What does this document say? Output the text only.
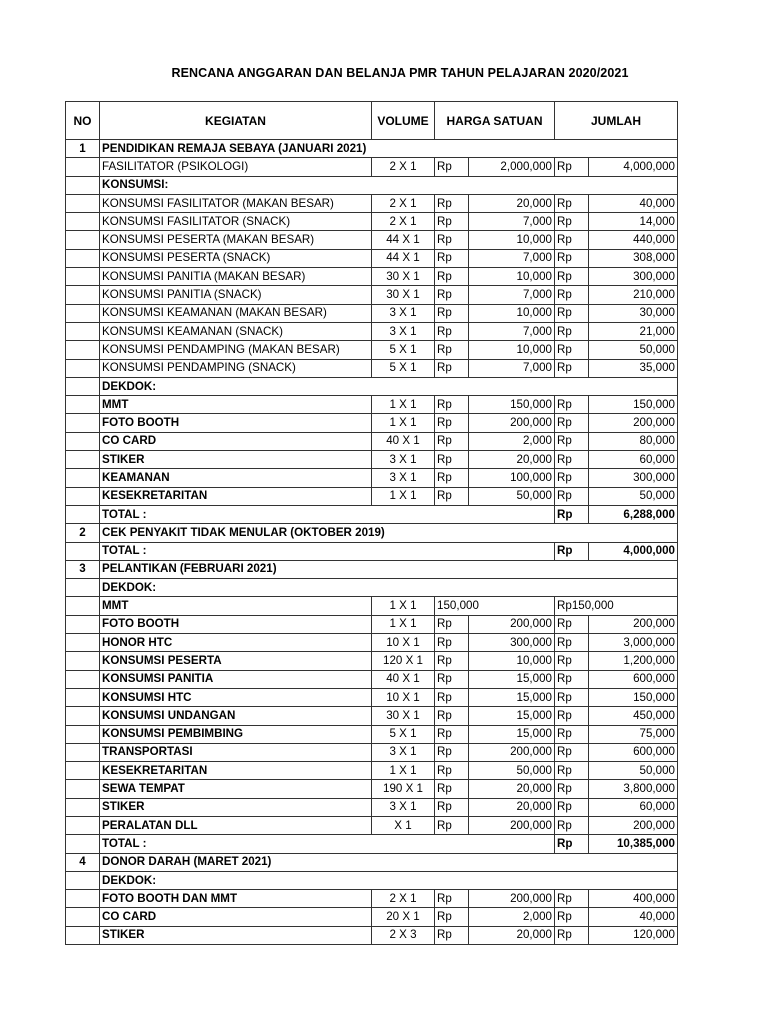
RENCANA ANGGARAN DAN BELANJA PMR TAHUN PELAJARAN 2020/2021
NO	KEGIATAN	VOLUME	HARGA SATUAN		JUMLAH	
1	PENDIDIKAN REMAJA SEBAYA (JANUARI 2021)					
	FASILITATOR (PSIKOLOGI)	2 X 1	Rp	2,000,000	Rp	4,000,000
	KONSUMSI:					
	KONSUMSI FASILITATOR (MAKAN BESAR)	2 X 1	Rp	20,000	Rp	40,000
	KONSUMSI FASILITATOR (SNACK)	2 X 1	Rp	7,000	Rp	14,000
	KONSUMSI PESERTA (MAKAN BESAR)	44 X 1	Rp	10,000	Rp	440,000
	KONSUMSI PESERTA (SNACK)	44 X 1	Rp	7,000	Rp	308,000
	KONSUMSI PANITIA (MAKAN BESAR)	30 X 1	Rp	10,000	Rp	300,000
	KONSUMSI PANITIA (SNACK)	30 X 1	Rp	7,000	Rp	210,000
	KONSUMSI KEAMANAN (MAKAN BESAR)	3 X 1	Rp	10,000	Rp	30,000
	KONSUMSI KEAMANAN (SNACK)	3 X 1	Rp	7,000	Rp	21,000
	KONSUMSI PENDAMPING (MAKAN BESAR)	5 X 1	Rp	10,000	Rp	50,000
	KONSUMSI PENDAMPING (SNACK)	5 X 1	Rp	7,000	Rp	35,000
	DEKDOK:					
	MMT	1 X 1	Rp	150,000	Rp	150,000
	FOTO BOOTH	1 X 1	Rp	200,000	Rp	200,000
	CO CARD	40 X 1	Rp	2,000	Rp	80,000
	STIKER	3 X 1	Rp	20,000	Rp	60,000
	KEAMANAN	3 X 1	Rp	100,000	Rp	300,000
	KESEKRETARITAN	1 X 1	Rp	50,000	Rp	50,000
	TOTAL :				Rp	6,288,000
2	CEK PENYAKIT TIDAK MENULAR (OKTOBER 2019)					
	TOTAL :				Rp	4,000,000
3	PELANTIKAN (FEBRUARI 2021)					
	DEKDOK:					
	MMT	1 X 1	150,000		Rp150,000	
	FOTO BOOTH	1 X 1	Rp	200,000	Rp	200,000
	HONOR HTC	10 X 1	Rp	300,000	Rp	3,000,000
	KONSUMSI PESERTA	120 X 1	Rp	10,000	Rp	1,200,000
	KONSUMSI PANITIA	40 X 1	Rp	15,000	Rp	600,000
	KONSUMSI HTC	10 X 1	Rp	15,000	Rp	150,000
	KONSUMSI UNDANGAN	30 X 1	Rp	15,000	Rp	450,000
	KONSUMSI PEMBIMBING	5 X 1	Rp	15,000	Rp	75,000
	TRANSPORTASI	3 X 1	Rp	200,000	Rp	600,000
	KESEKRETARITAN	1 X 1	Rp	50,000	Rp	50,000
	SEWA TEMPAT	190 X 1	Rp	20,000	Rp	3,800,000
	STIKER	3 X 1	Rp	20,000	Rp	60,000
	PERALATAN DLL	X 1	Rp	200,000	Rp	200,000
	TOTAL :				Rp	10,385,000
4	DONOR DARAH (MARET 2021)					
	DEKDOK:					
	FOTO BOOTH DAN MMT	2 X 1	Rp	200,000	Rp	400,000
	CO CARD	20 X 1	Rp	2,000	Rp	40,000
	STIKER	2 X 3	Rp	20,000	Rp	120,000
